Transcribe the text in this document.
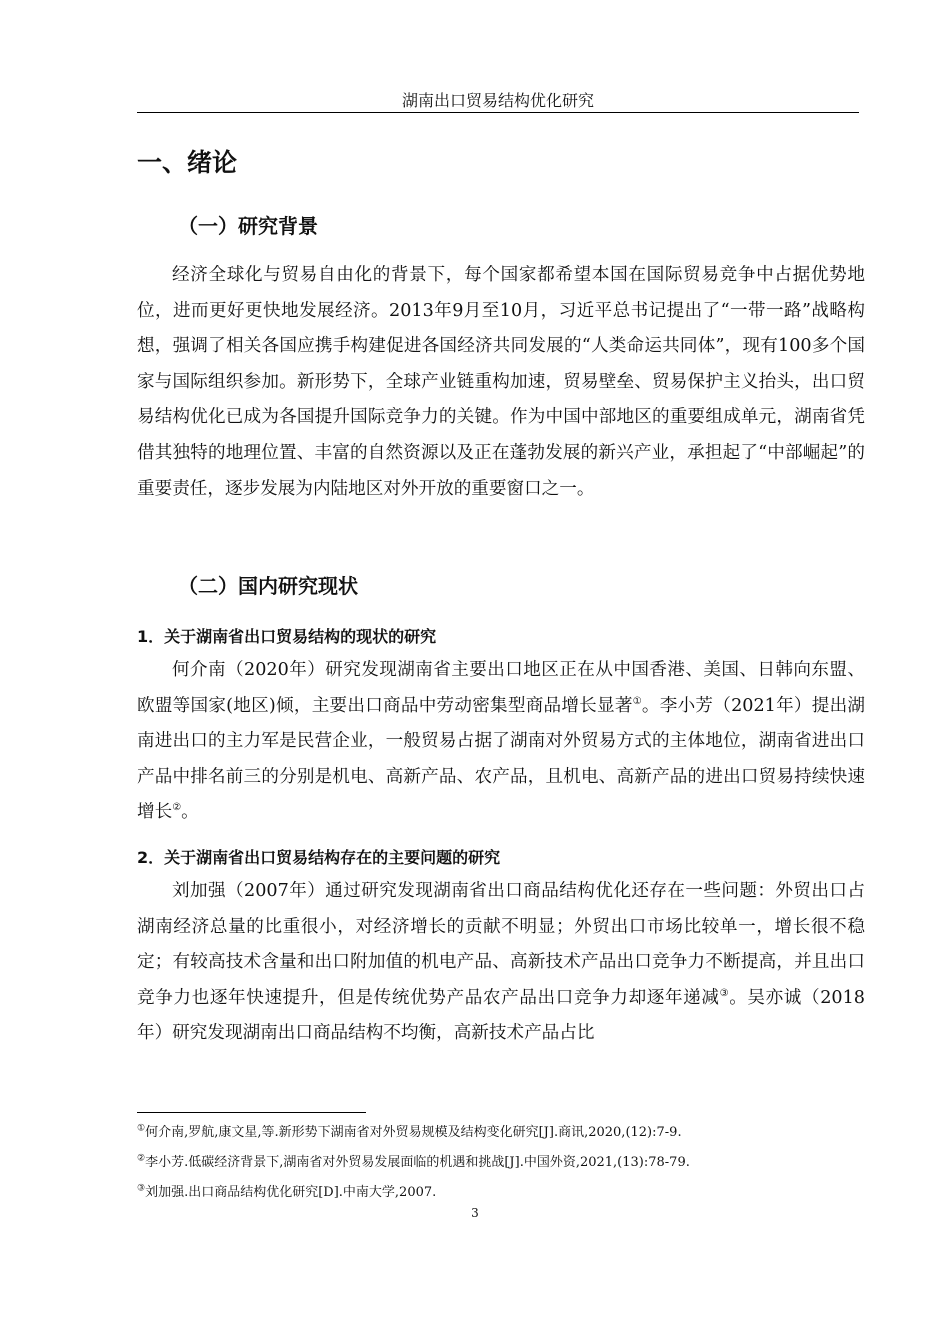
湖南出口贸易结构优化研究
一、绪论
（一）研究背景

经济全球化与贸易自由化的背景下，每个国家都希望本国在国际贸易竞争中占据优势地位，进而更好更快地发展经济。2013年9月至10月，习近平总书记提出了“一带一路”战略构想，强调了相关各国应携手构建促进各国经济共同发展的“人类命运共同体”，现有100多个国家与国际组织参加。新形势下，全球产业链重构加速，贸易壁垒、贸易保护主义抬头，出口贸易结构优化已成为各国提升国际竞争力的关键。作为中国中部地区的重要组成单元，湖南省凭借其独特的地理位置、丰富的自然资源以及正在蓬勃发展的新兴产业，承担起了“中部崛起”的重要责任，逐步发展为内陆地区对外开放的重要窗口之一。

（二）国内研究现状
1．关于湖南省出口贸易结构的现状的研究

何介南（2020年）研究发现湖南省主要出口地区正在从中国香港、美国、日韩向东盟、欧盟等国家(地区)倾，主要出口商品中劳动密集型商品增长显著①。李小芳（2021年）提出湖南进出口的主力军是民营企业，一般贸易占据了湖南对外贸易方式的主体地位，湖南省进出口产品中排名前三的分别是机电、高新产品、农产品，且机电、高新产品的进出口贸易持续快速增长②。

2．关于湖南省出口贸易结构存在的主要问题的研究

刘加强（2007年）通过研究发现湖南省出口商品结构优化还存在一些问题：外贸出口占湖南经济总量的比重很小，对经济增长的贡献不明显；外贸出口市场比较单一，增长很不稳定；有较高技术含量和出口附加值的机电产品、高新技术产品出口竞争力不断提高，并且出口竞争力也逐年快速提升，但是传统优势产品农产品出口竞争力却逐年递减③。吴亦诚（2018年）研究发现湖南出口商品结构不均衡，高新技术产品占比

①何介南,罗航,康文星,等.新形势下湖南省对外贸易规模及结构变化研究[J].商讯,2020,(12):7-9.

②李小芳.低碳经济背景下,湖南省对外贸易发展面临的机遇和挑战[J].中国外资,2021,(13):78-79.

③刘加强.出口商品结构优化研究[D].中南大学,2007.

3
